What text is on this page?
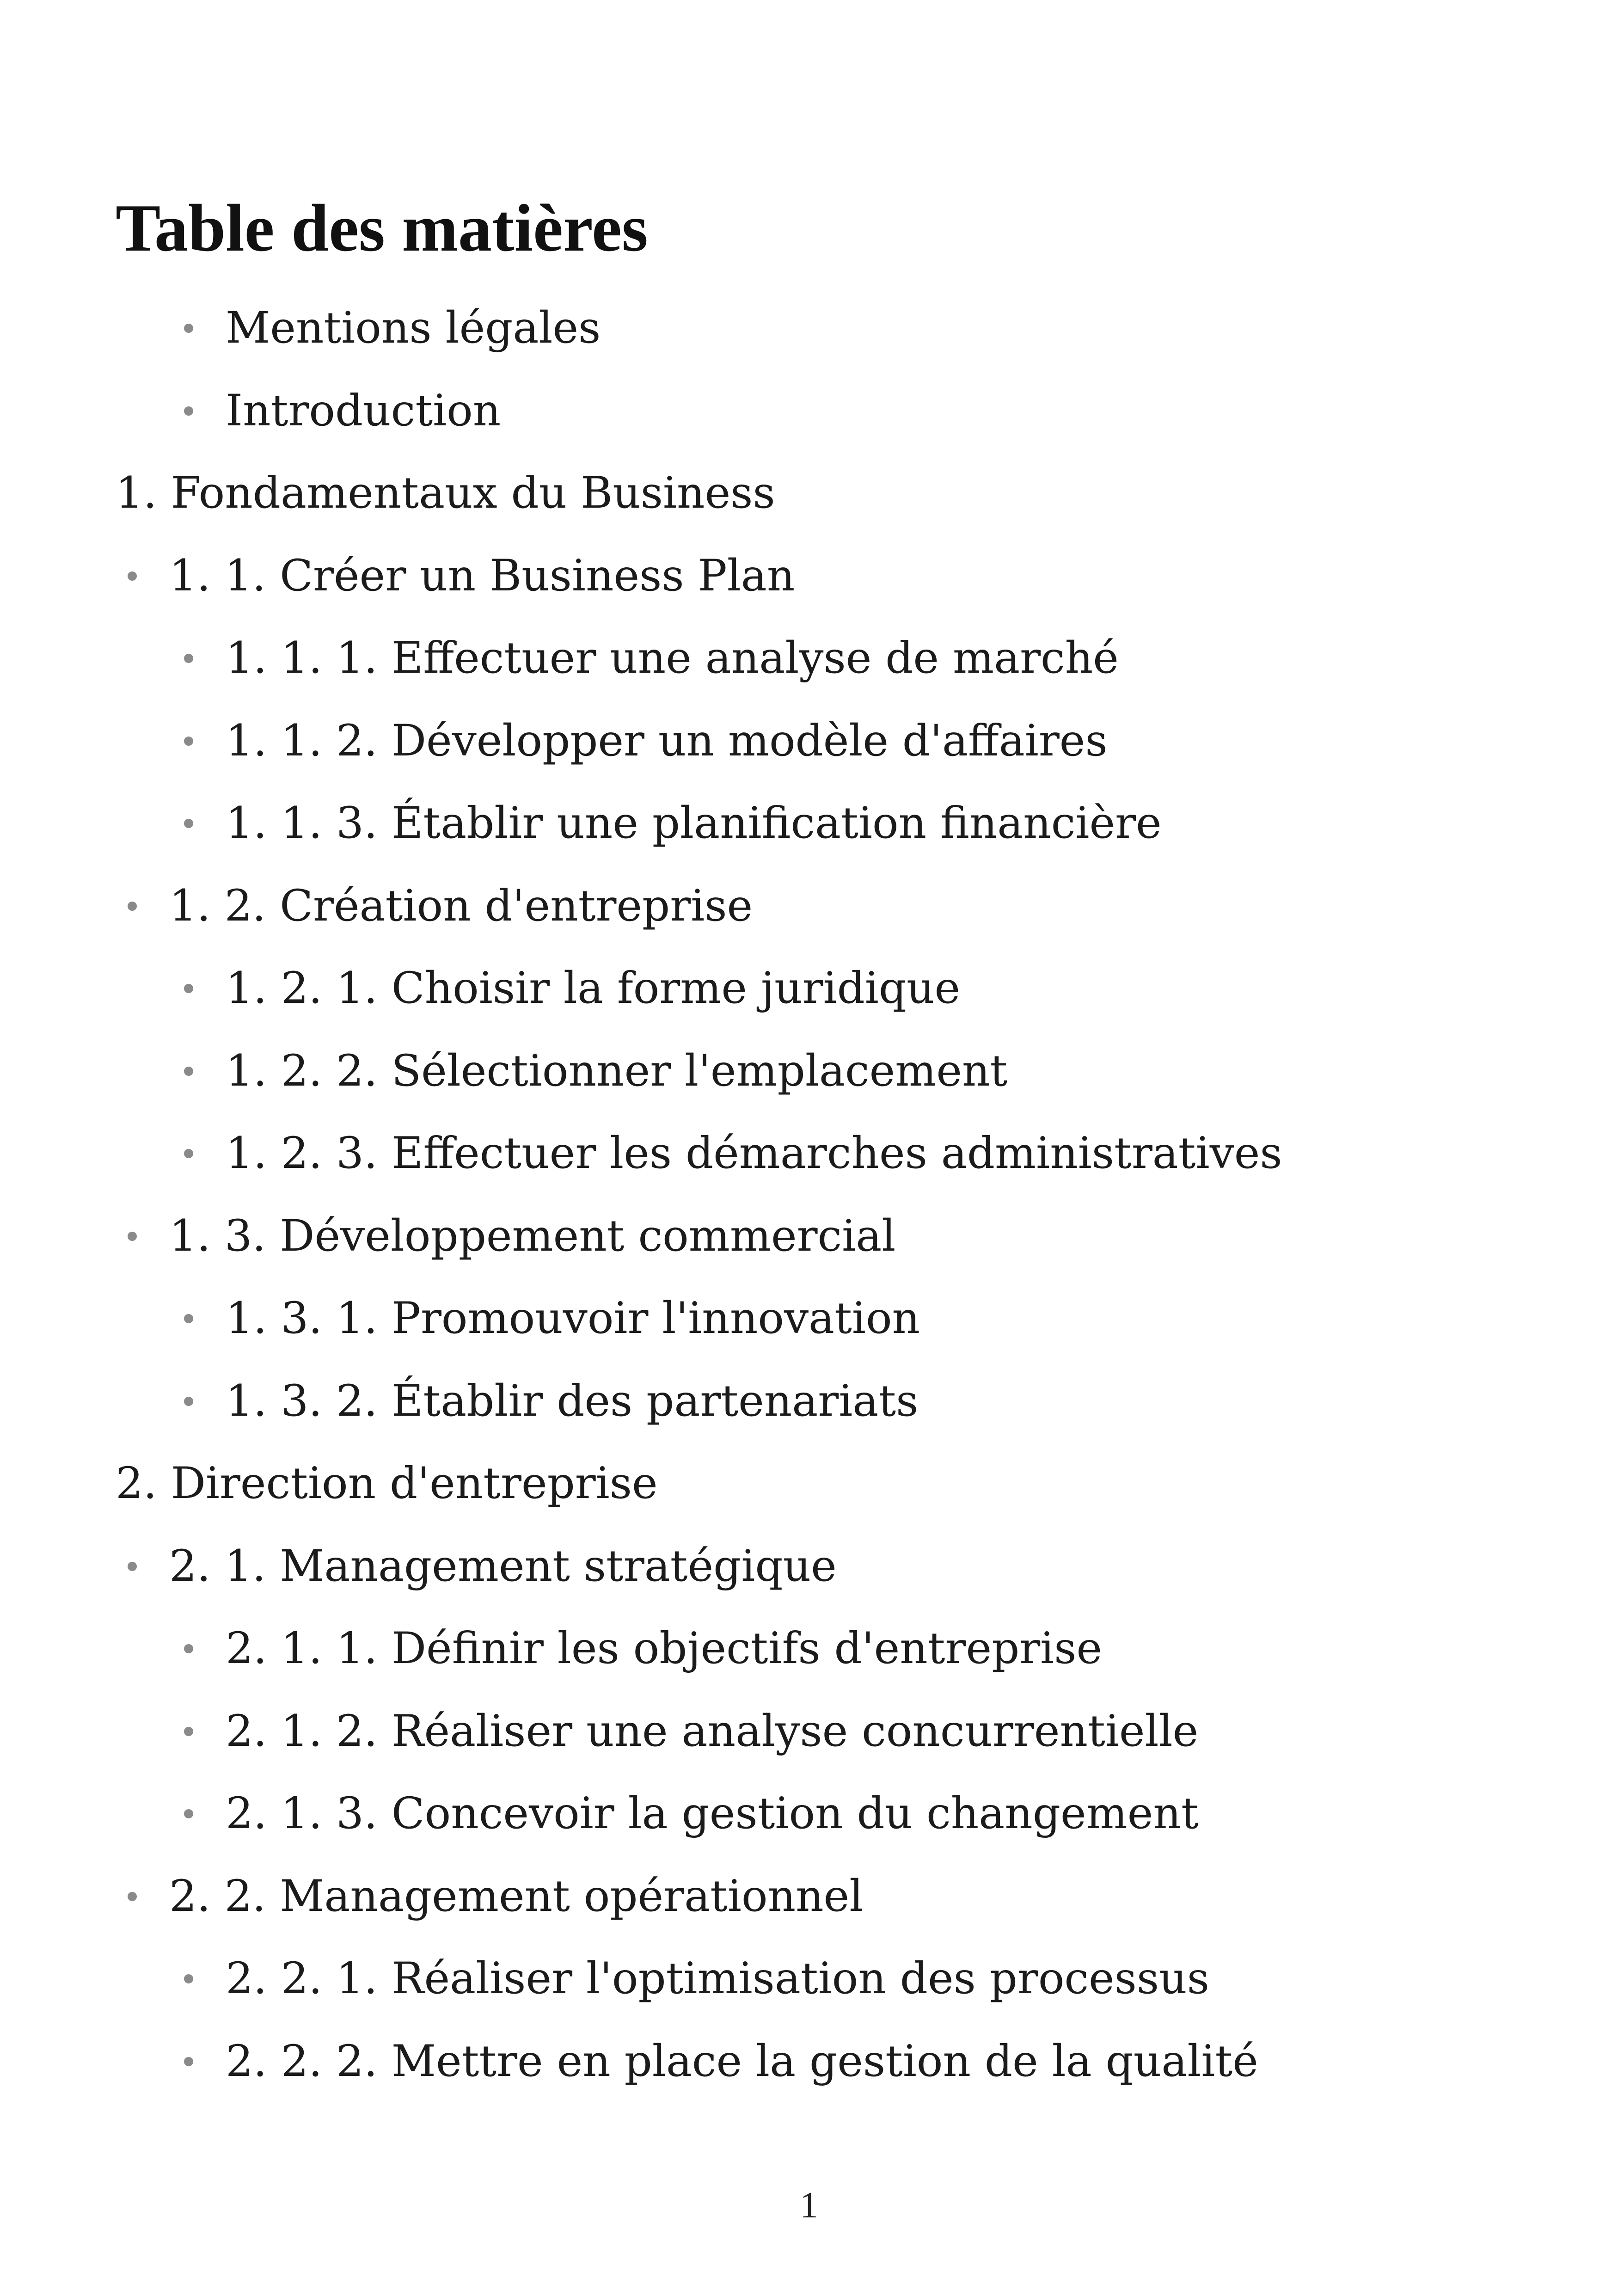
Table des matières
Mentions légales
Introduction
1. Fondamentaux du Business
1. 1. Créer un Business Plan
1. 1. 1. Effectuer une analyse de marché
1. 1. 2. Développer un modèle d'affaires
1. 1. 3. Établir une planification financière
1. 2. Création d'entreprise
1. 2. 1. Choisir la forme juridique
1. 2. 2. Sélectionner l'emplacement
1. 2. 3. Effectuer les démarches administratives
1. 3. Développement commercial
1. 3. 1. Promouvoir l'innovation
1. 3. 2. Établir des partenariats
2. Direction d'entreprise
2. 1. Management stratégique
2. 1. 1. Définir les objectifs d'entreprise
2. 1. 2. Réaliser une analyse concurrentielle
2. 1. 3. Concevoir la gestion du changement
2. 2. Management opérationnel
2. 2. 1. Réaliser l'optimisation des processus
2. 2. 2. Mettre en place la gestion de la qualité
1
